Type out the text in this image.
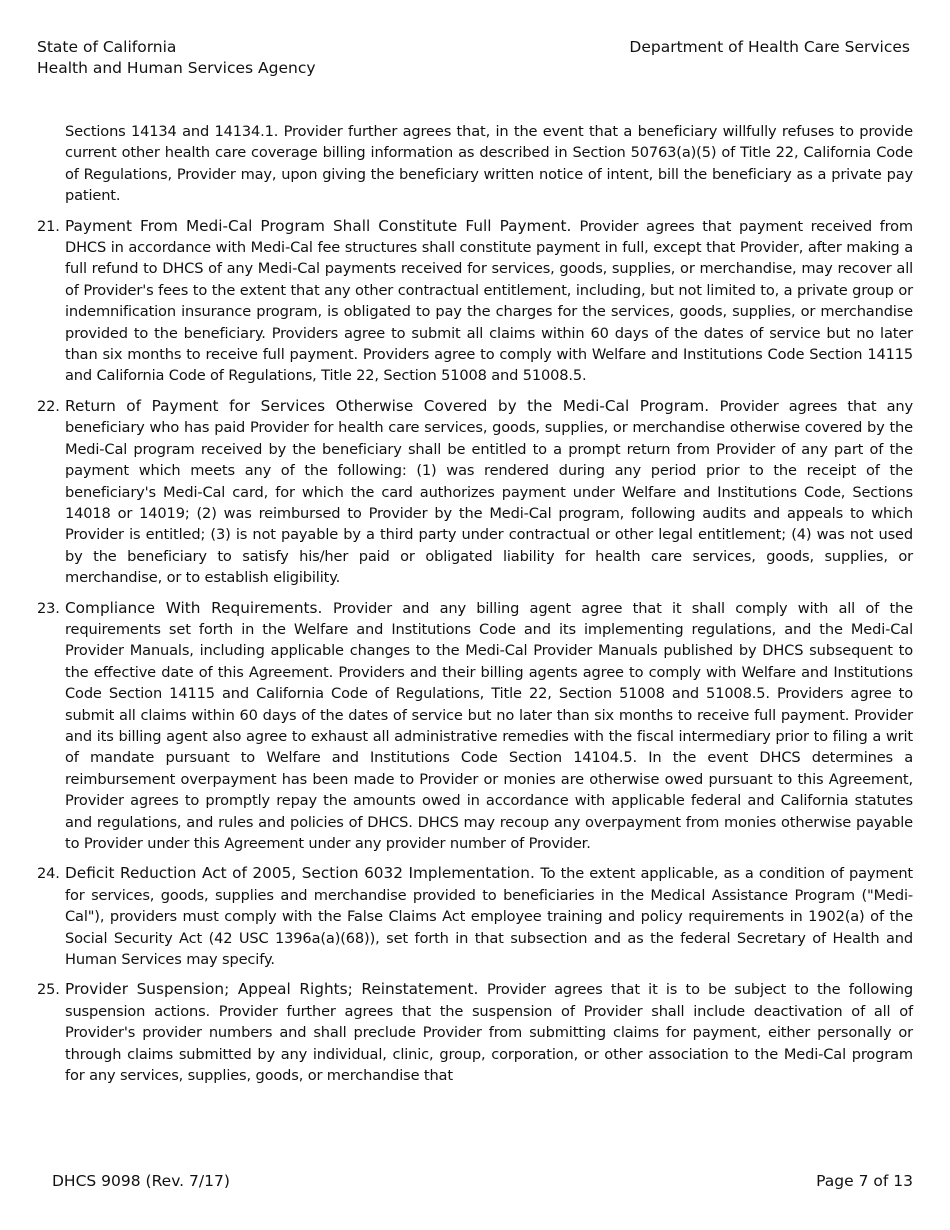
State of California
Health and Human Services Agency
Department of Health Care Services

Sections 14134 and 14134.1. Provider further agrees that, in the event that a beneficiary willfully refuses to provide current other health care coverage billing information as described in Section 50763(a)(5) of Title 22, California Code of Regulations, Provider may, upon giving the beneficiary written notice of intent, bill the beneficiary as a private pay patient.

21. Payment From Medi-Cal Program Shall Constitute Full Payment. Provider agrees that payment received from DHCS in accordance with Medi-Cal fee structures shall constitute payment in full, except that Provider, after making a full refund to DHCS of any Medi-Cal payments received for services, goods, supplies, or merchandise, may recover all of Provider's fees to the extent that any other contractual entitlement, including, but not limited to, a private group or indemnification insurance program, is obligated to pay the charges for the services, goods, supplies, or merchandise provided to the beneficiary. Providers agree to submit all claims within 60 days of the dates of service but no later than six months to receive full payment. Providers agree to comply with Welfare and Institutions Code Section 14115 and California Code of Regulations, Title 22, Section 51008 and 51008.5.
22. Return of Payment for Services Otherwise Covered by the Medi-Cal Program. Provider agrees that any beneficiary who has paid Provider for health care services, goods, supplies, or merchandise otherwise covered by the Medi-Cal program received by the beneficiary shall be entitled to a prompt return from Provider of any part of the payment which meets any of the following: (1) was rendered during any period prior to the receipt of the beneficiary's Medi-Cal card, for which the card authorizes payment under Welfare and Institutions Code, Sections 14018 or 14019; (2) was reimbursed to Provider by the Medi-Cal program, following audits and appeals to which Provider is entitled; (3) is not payable by a third party under contractual or other legal entitlement; (4) was not used by the beneficiary to satisfy his/her paid or obligated liability for health care services, goods, supplies, or merchandise, or to establish eligibility.
23. Compliance With Requirements. Provider and any billing agent agree that it shall comply with all of the requirements set forth in the Welfare and Institutions Code and its implementing regulations, and the Medi-Cal Provider Manuals, including applicable changes to the Medi-Cal Provider Manuals published by DHCS subsequent to the effective date of this Agreement. Providers and their billing agents agree to comply with Welfare and Institutions Code Section 14115 and California Code of Regulations, Title 22, Section 51008 and 51008.5. Providers agree to submit all claims within 60 days of the dates of service but no later than six months to receive full payment. Provider and its billing agent also agree to exhaust all administrative remedies with the fiscal intermediary prior to filing a writ of mandate pursuant to Welfare and Institutions Code Section 14104.5. In the event DHCS determines a reimbursement overpayment has been made to Provider or monies are otherwise owed pursuant to this Agreement, Provider agrees to promptly repay the amounts owed in accordance with applicable federal and California statutes and regulations, and rules and policies of DHCS. DHCS may recoup any overpayment from monies otherwise payable to Provider under this Agreement under any provider number of Provider.
24. Deficit Reduction Act of 2005, Section 6032 Implementation. To the extent applicable, as a condition of payment for services, goods, supplies and merchandise provided to beneficiaries in the Medical Assistance Program ("Medi-Cal"), providers must comply with the False Claims Act employee training and policy requirements in 1902(a) of the Social Security Act (42 USC 1396a(a)(68)), set forth in that subsection and as the federal Secretary of Health and Human Services may specify.
25. Provider Suspension; Appeal Rights; Reinstatement. Provider agrees that it is to be subject to the following suspension actions. Provider further agrees that the suspension of Provider shall include deactivation of all of Provider's provider numbers and shall preclude Provider from submitting claims for payment, either personally or through claims submitted by any individual, clinic, group, corporation, or other association to the Medi-Cal program for any services, supplies, goods, or merchandise that
DHCS 9098 (Rev. 7/17)	Page 7 of 13
